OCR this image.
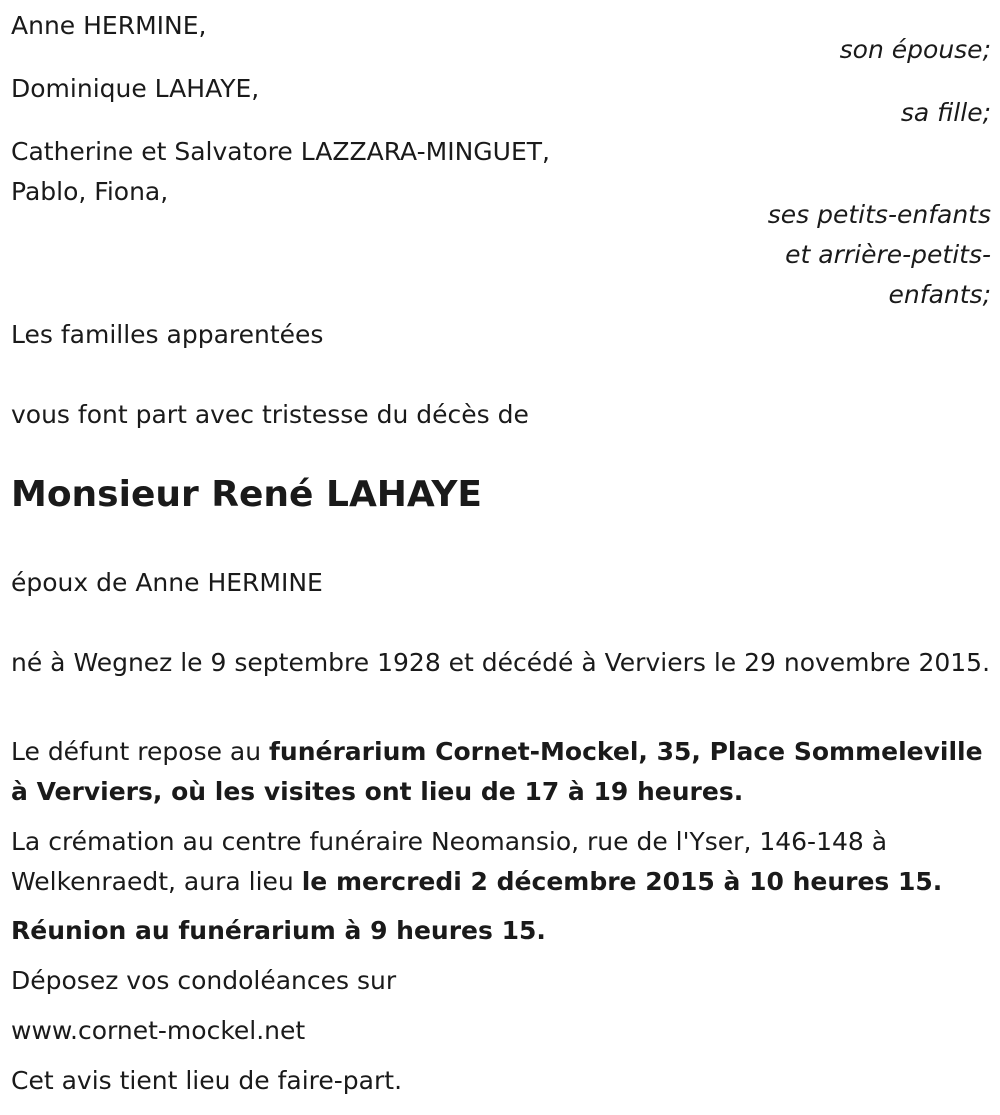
Anne HERMINE,
son épouse;
Dominique LAHAYE,
sa fille;
Catherine et Salvatore LAZZARA-MINGUET,
Pablo, Fiona,
ses petits-enfants
et arrière-petits-
enfants;
Les familles apparentées
vous font part avec tristesse du décès de
Monsieur René LAHAYE
époux de Anne HERMINE
né à Wegnez le 9 septembre 1928 et décédé à Verviers le 29 novembre 2015.
Le défunt repose au funérarium Cornet-Mockel, 35, Place Sommeleville à Verviers, où les visites ont lieu de 17 à 19 heures.
La crémation au centre funéraire Neomansio, rue de l'Yser, 146-148 à Welkenraedt, aura lieu le mercredi 2 décembre 2015 à 10 heures 15.
Réunion au funérarium à 9 heures 15.
Déposez vos condoléances sur
www.cornet-mockel.net
Cet avis tient lieu de faire-part.
